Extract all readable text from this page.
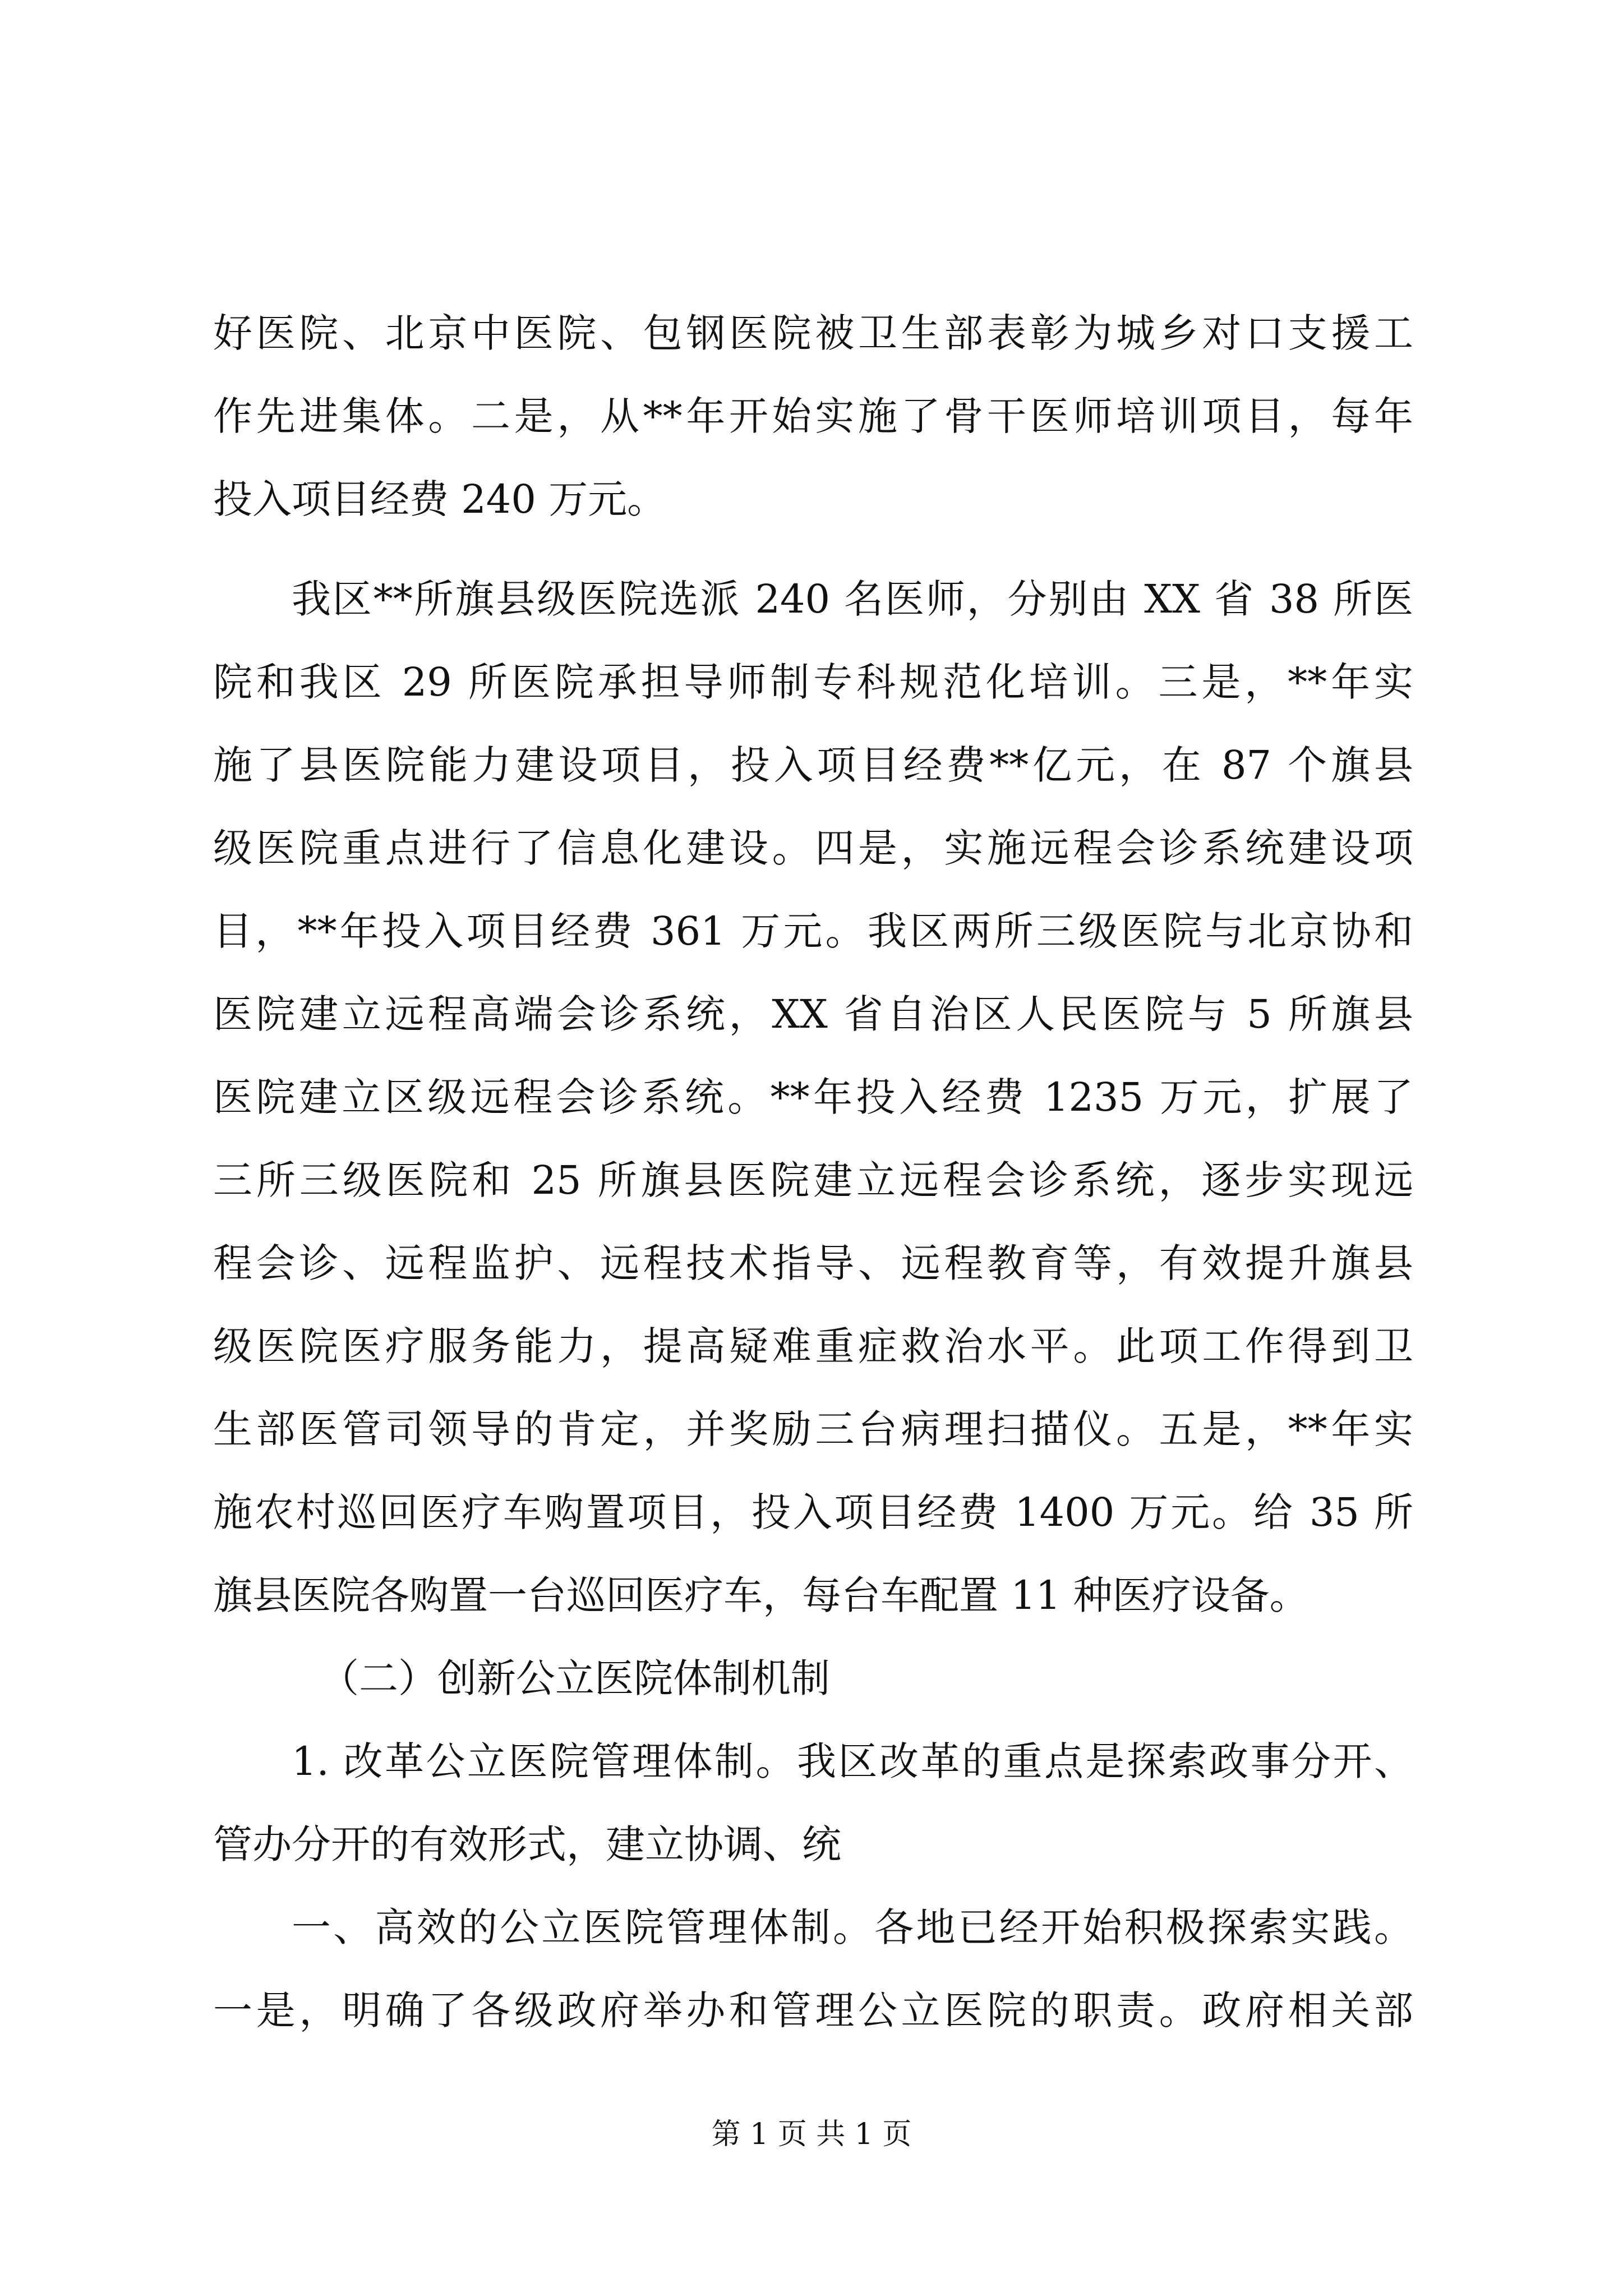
好医院、北京中医院、包钢医院被卫生部表彰为城乡对口支援工
作先进集体。二是，从**年开始实施了骨干医师培训项目，每年
投入项目经费 240 万元。
我区**所旗县级医院选派 240 名医师，分别由 XX 省 38 所医
院和我区 29 所医院承担导师制专科规范化培训。三是，**年实
施了县医院能力建设项目，投入项目经费**亿元，在 87 个旗县
级医院重点进行了信息化建设。四是，实施远程会诊系统建设项
目，**年投入项目经费 361 万元。我区两所三级医院与北京协和
医院建立远程高端会诊系统，XX 省自治区人民医院与 5 所旗县
医院建立区级远程会诊系统。**年投入经费 1235 万元，扩展了
三所三级医院和 25 所旗县医院建立远程会诊系统，逐步实现远
程会诊、远程监护、远程技术指导、远程教育等，有效提升旗县
级医院医疗服务能力，提高疑难重症救治水平。此项工作得到卫
生部医管司领导的肯定，并奖励三台病理扫描仪。五是，**年实
施农村巡回医疗车购置项目，投入项目经费 1400 万元。给 35 所
旗县医院各购置一台巡回医疗车，每台车配置 11 种医疗设备。
（二）创新公立医院体制机制
1. 改革公立医院管理体制。我区改革的重点是探索政事分开、
管办分开的有效形式，建立协调、统
一、高效的公立医院管理体制。各地已经开始积极探索实践。
一是，明确了各级政府举办和管理公立医院的职责。政府相关部
第 1 页 共 1 页
